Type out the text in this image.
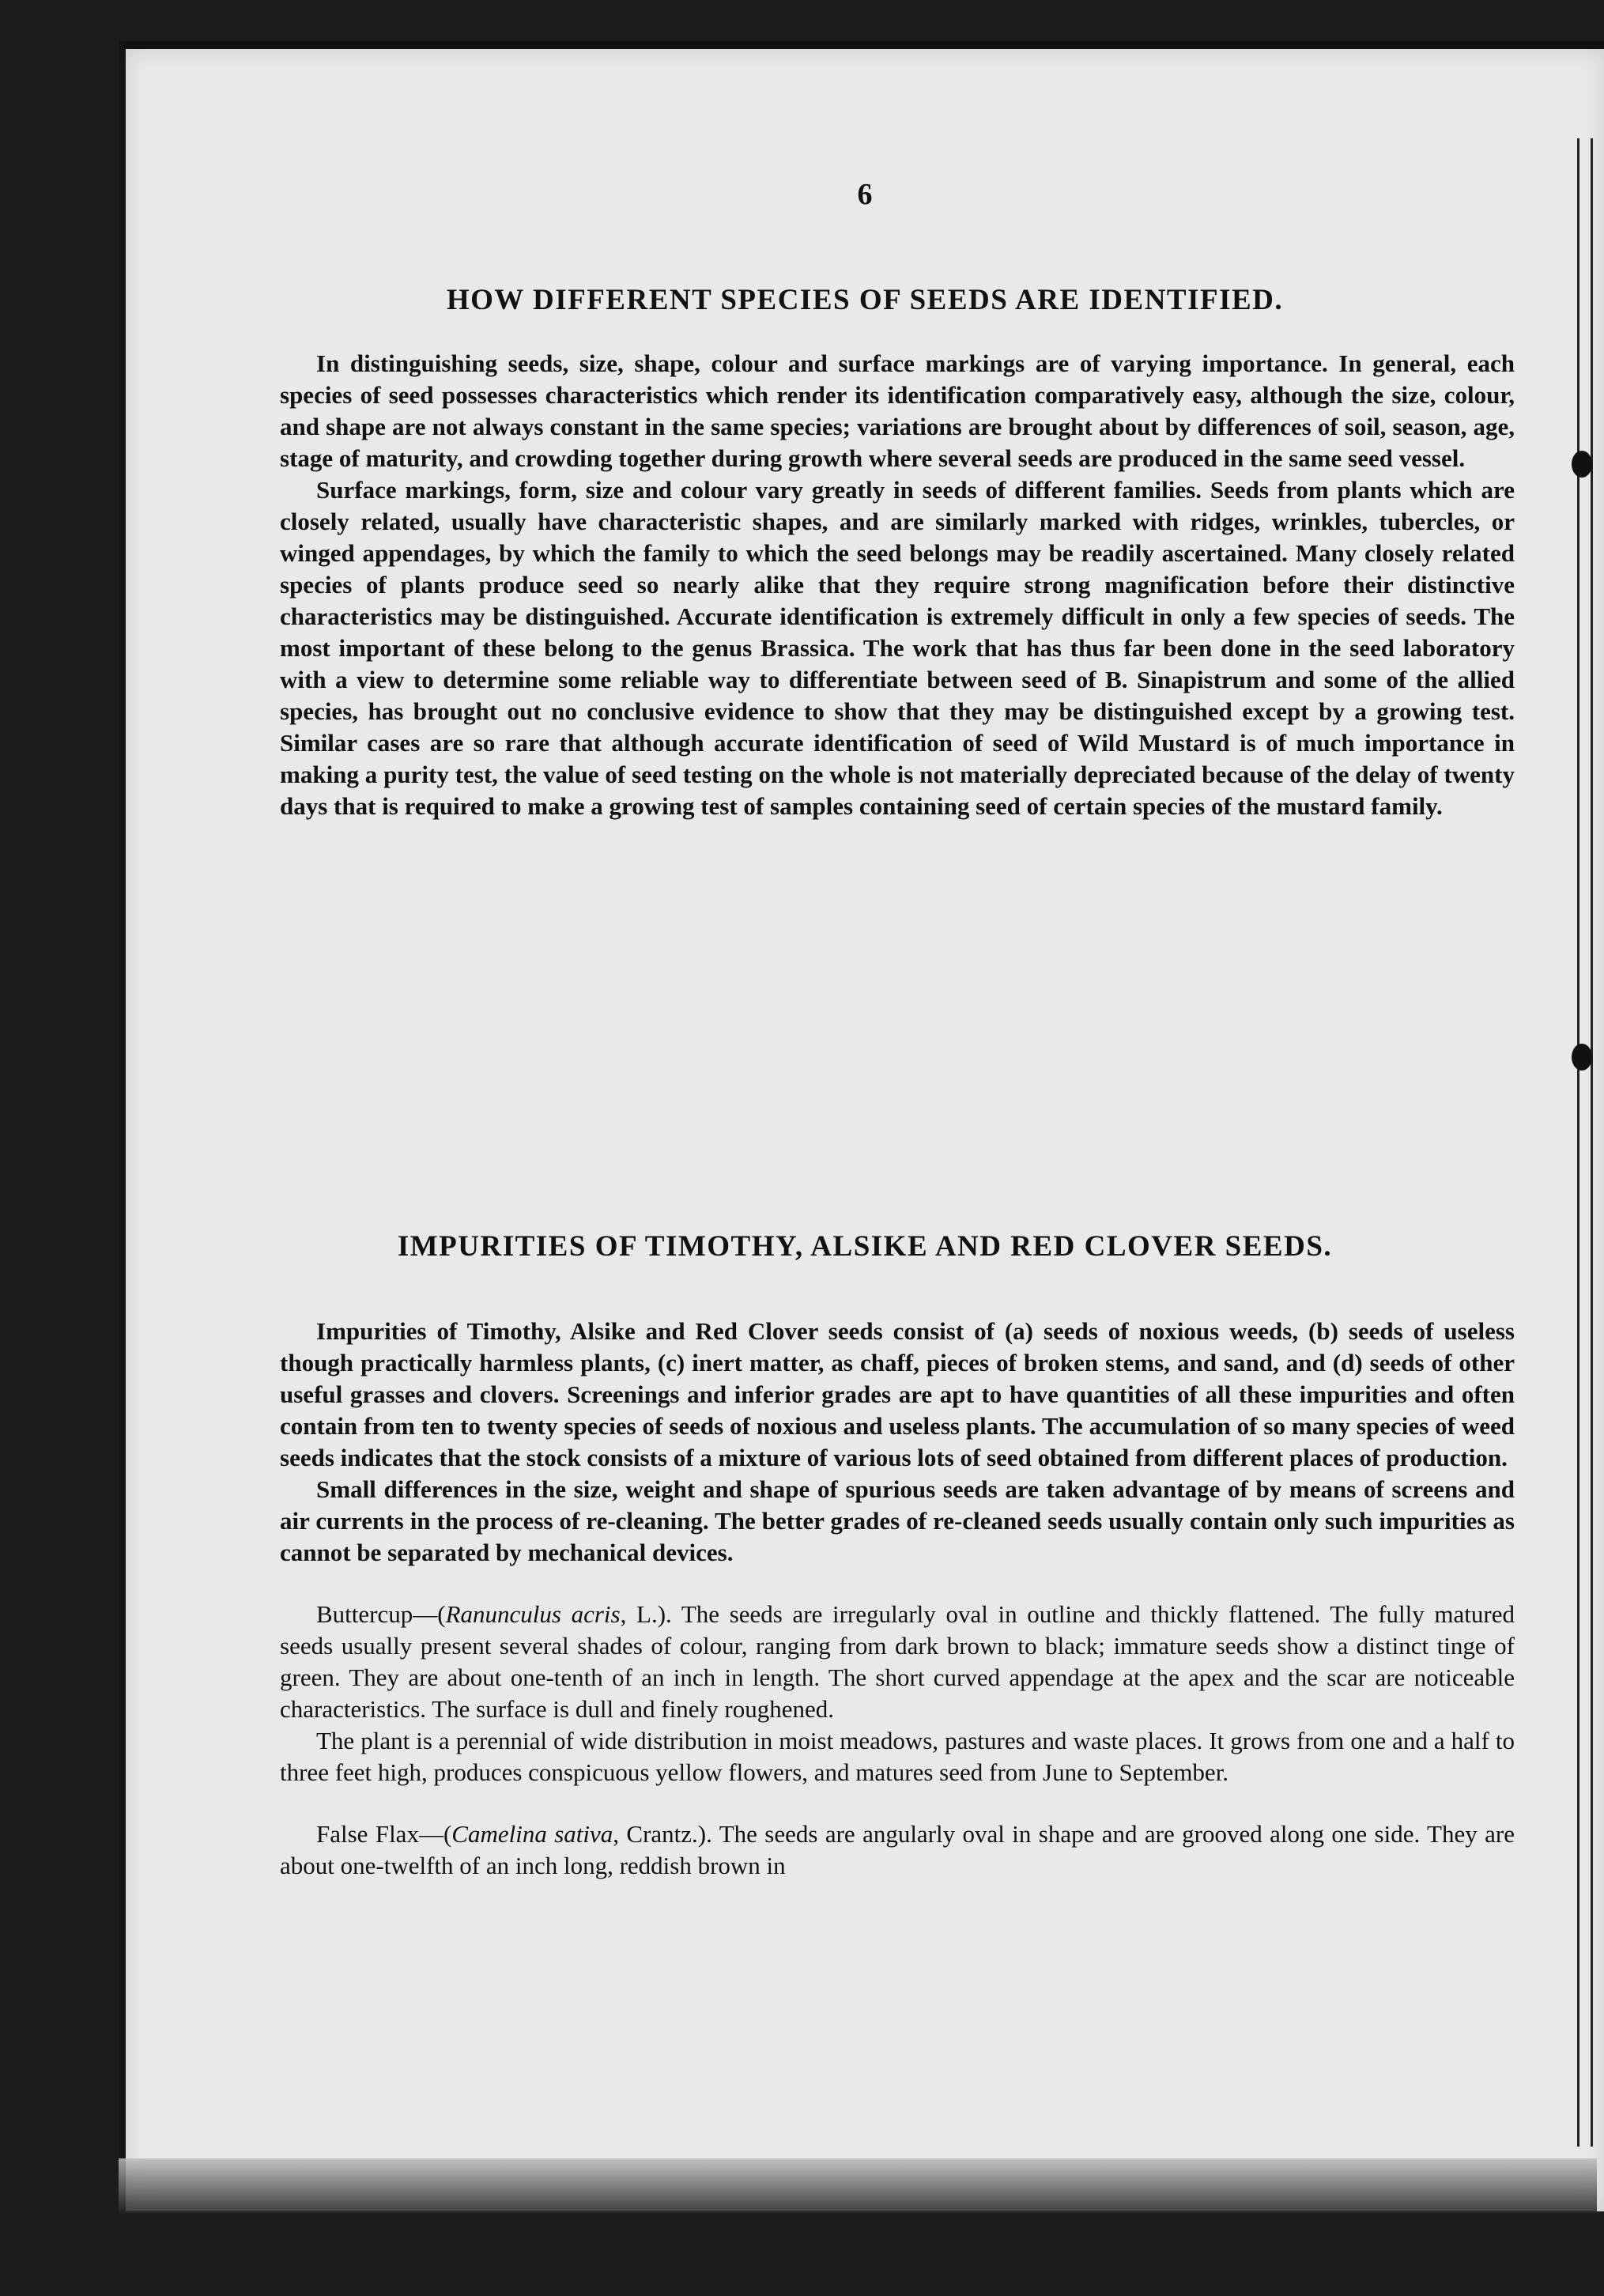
6
HOW DIFFERENT SPECIES OF SEEDS ARE IDENTIFIED.

In distinguishing seeds, size, shape, colour and surface markings are of varying importance. In general, each species of seed possesses characteristics which render its identification comparatively easy, although the size, colour, and shape are not always constant in the same species; variations are brought about by differences of soil, season, age, stage of maturity, and crowding together during growth where several seeds are produced in the same seed vessel.

Surface markings, form, size and colour vary greatly in seeds of different families. Seeds from plants which are closely related, usually have characteristic shapes, and are similarly marked with ridges, wrinkles, tubercles, or winged appendages, by which the family to which the seed belongs may be readily ascertained. Many closely related species of plants produce seed so nearly alike that they require strong magnification before their distinctive characteristics may be distinguished. Accurate identification is extremely difficult in only a few species of seeds. The most important of these belong to the genus Brassica. The work that has thus far been done in the seed laboratory with a view to determine some reliable way to differentiate between seed of B. Sinapistrum and some of the allied species, has brought out no conclusive evidence to show that they may be distinguished except by a growing test. Similar cases are so rare that although accurate identification of seed of Wild Mustard is of much importance in making a purity test, the value of seed testing on the whole is not materially depreciated because of the delay of twenty days that is required to make a growing test of samples containing seed of certain species of the mustard family.

IMPURITIES OF TIMOTHY, ALSIKE AND RED CLOVER SEEDS.

Impurities of Timothy, Alsike and Red Clover seeds consist of (a) seeds of noxious weeds, (b) seeds of useless though practically harmless plants, (c) inert matter, as chaff, pieces of broken stems, and sand, and (d) seeds of other useful grasses and clovers. Screenings and inferior grades are apt to have quantities of all these impurities and often contain from ten to twenty species of seeds of noxious and useless plants. The accumulation of so many species of weed seeds indicates that the stock consists of a mixture of various lots of seed obtained from different places of production.

Small differences in the size, weight and shape of spurious seeds are taken advantage of by means of screens and air currents in the process of re-cleaning. The better grades of re-cleaned seeds usually contain only such impurities as cannot be separated by mechanical devices.

Buttercup—(Ranunculus acris, L.). The seeds are irregularly oval in outline and thickly flattened. The fully matured seeds usually present several shades of colour, ranging from dark brown to black; immature seeds show a distinct tinge of green. They are about one-tenth of an inch in length. The short curved appendage at the apex and the scar are noticeable characteristics. The surface is dull and finely roughened.

The plant is a perennial of wide distribution in moist meadows, pastures and waste places. It grows from one and a half to three feet high, produces conspicuous yellow flowers, and matures seed from June to September.

False Flax—(Camelina sativa, Crantz.). The seeds are angularly oval in shape and are grooved along one side. They are about one-twelfth of an inch long, reddish brown in
